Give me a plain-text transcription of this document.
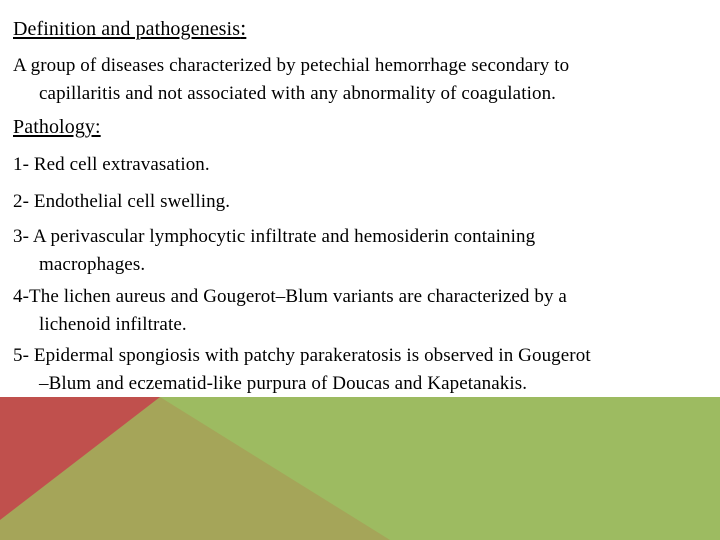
Definition and pathogenesis:
A group of diseases characterized by petechial hemorrhage secondary to
capillaritis and not associated with any abnormality of coagulation.
Pathology:
1- Red cell extravasation.
2- Endothelial cell swelling.
3- A perivascular lymphocytic infiltrate and hemosiderin containing
macrophages.
4-The lichen aureus and Gougerot–Blum variants are characterized by a
lichenoid infiltrate.
5- Epidermal spongiosis with patchy parakeratosis is observed in Gougerot
–Blum and eczematid-like purpura of Doucas and Kapetanakis.
